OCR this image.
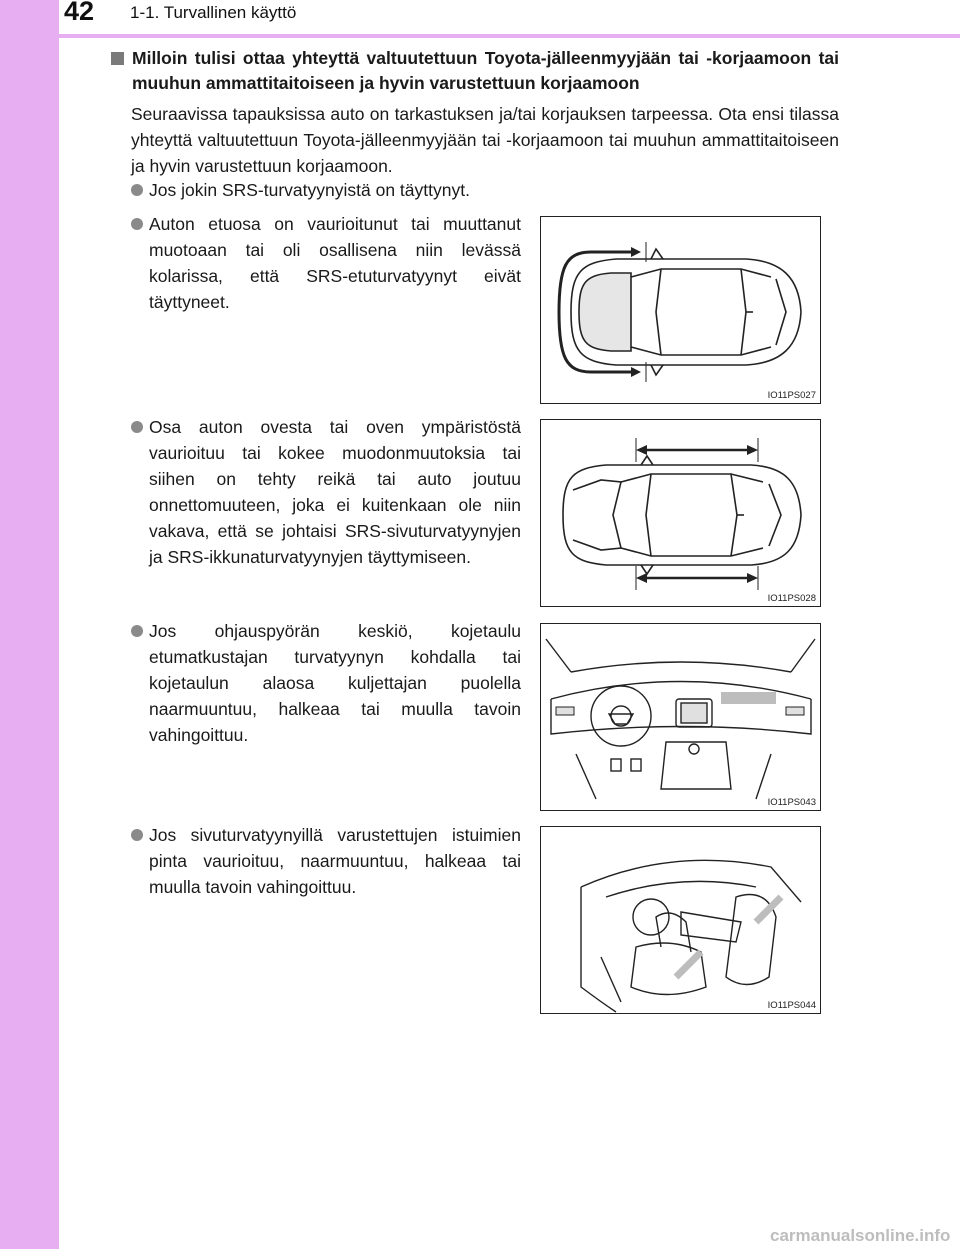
42 1-1. Turvallinen käyttö
Milloin tulisi ottaa yhteyttä valtuutettuun Toyota-jälleenmyyjään tai -korjaamoon tai muuhun ammattitaitoiseen ja hyvin varustettuun korjaamoon
Seuraavissa tapauksissa auto on tarkastuksen ja/tai korjauksen tarpeessa. Ota ensi tilassa yhteyttä valtuutettuun Toyota-jälleenmyyjään tai -korjaamoon tai muuhun ammattitaitoiseen ja hyvin varustettuun korjaamoon.
Jos jokin SRS-turvatyynyistä on täyttynyt.
Auton etuosa on vaurioitunut tai muuttanut muotoaan tai oli osallisena niin levässä kolarissa, että SRS-etuturvatyynyt eivät täyttyneet.
Osa auton ovesta tai oven ympäristöstä vaurioituu tai kokee muodonmuutoksia tai siihen on tehty reikä tai auto joutuu onnettomuuteen, joka ei kuitenkaan ole niin vakava, että se johtaisi SRS-sivuturvatyynyjen ja SRS-ikkunaturvatyynyjen täyttymiseen.
Jos ohjauspyörän keskiö, kojetaulu etumatkustajan turvatyynyn kohdalla tai kojetaulun alaosa kuljettajan puolella naarmuuntuu, halkeaa tai muulla tavoin vahingoittuu.
Jos sivuturvatyynyillä varustettujen istuimien pinta vaurioituu, naarmuuntuu, halkeaa tai muulla tavoin vahingoittuu.
IO11PS027
IO11PS028
IO11PS043
IO11PS044
carmanualsonline.info
